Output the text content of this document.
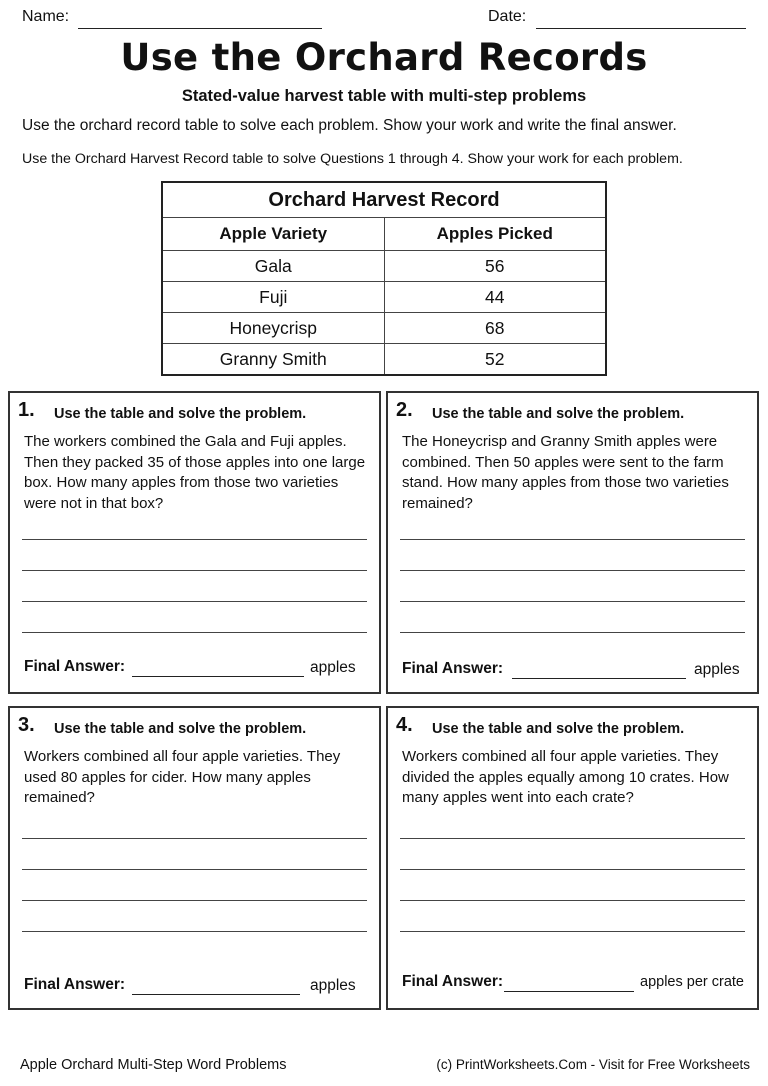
Name:	Date:
Use the Orchard Records
Stated-value harvest table with multi-step problems
Use the orchard record table to solve each problem. Show your work and write the final answer.
Use the Orchard Harvest Record table to solve Questions 1 through 4. Show your work for each problem.
Orchard Harvest Record	
Apple Variety	Apples Picked
Gala	56
Fuji	44
Honeycrisp	68
Granny Smith	52
1. Use the table and solve the problem.
The workers combined the Gala and Fuji apples. Then they packed 35 of those apples into one large box. How many apples from those two varieties were not in that box?
Final Answer:	apples
2. Use the table and solve the problem.
The Honeycrisp and Granny Smith apples were combined. Then 50 apples were sent to the farm stand. How many apples from those two varieties remained?
Final Answer:	apples
3. Use the table and solve the problem.
Workers combined all four apple varieties. They used 80 apples for cider. How many apples remained?
Final Answer:	apples
4. Use the table and solve the problem.
Workers combined all four apple varieties. They divided the apples equally among 10 crates. How many apples went into each crate?
Final Answer:	apples per crate
Apple Orchard Multi-Step Word Problems	(c) PrintWorksheets.Com - Visit for Free Worksheets
